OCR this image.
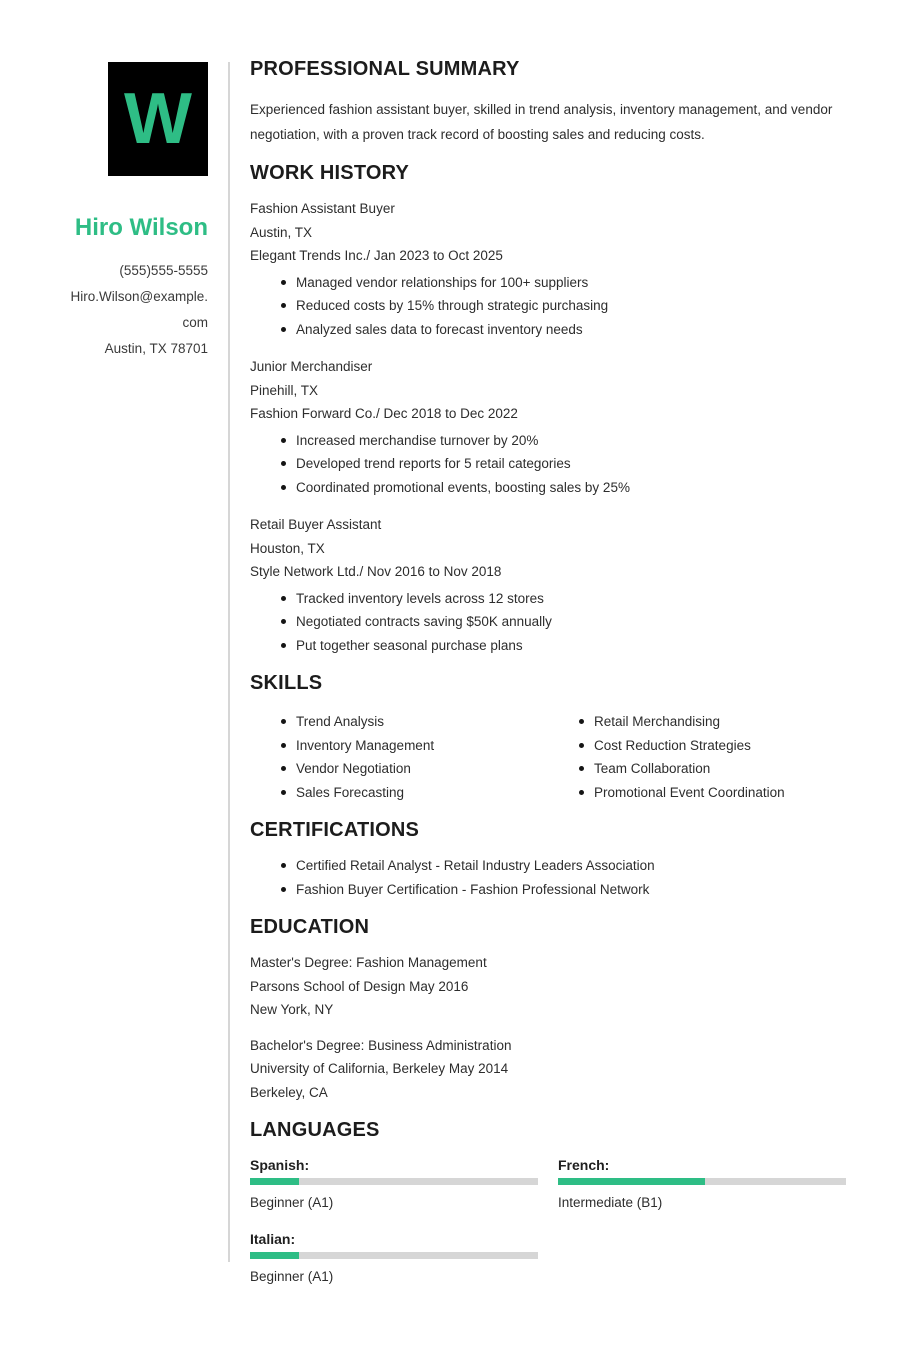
W
Hiro Wilson
(555)555-5555
Hiro.Wilson@example.com
Austin, TX 78701
PROFESSIONAL SUMMARY

Experienced fashion assistant buyer, skilled in trend analysis, inventory management, and vendor negotiation, with a proven track record of boosting sales and reducing costs.

WORK HISTORY
Fashion Assistant Buyer
Austin, TX
Elegant Trends Inc./ Jan 2023 to Oct 2025
Managed vendor relationships for 100+ suppliers
Reduced costs by 15% through strategic purchasing
Analyzed sales data to forecast inventory needs
Junior Merchandiser
Pinehill, TX
Fashion Forward Co./ Dec 2018 to Dec 2022
Increased merchandise turnover by 20%
Developed trend reports for 5 retail categories
Coordinated promotional events, boosting sales by 25%
Retail Buyer Assistant
Houston, TX
Style Network Ltd./ Nov 2016 to Nov 2018
Tracked inventory levels across 12 stores
Negotiated contracts saving $50K annually
Put together seasonal purchase plans
SKILLS
Trend Analysis
Inventory Management
Vendor Negotiation
Sales Forecasting
Retail Merchandising
Cost Reduction Strategies
Team Collaboration
Promotional Event Coordination
CERTIFICATIONS
Certified Retail Analyst - Retail Industry Leaders Association
Fashion Buyer Certification - Fashion Professional Network
EDUCATION
Master's Degree: Fashion Management
Parsons School of Design May 2016
New York, NY
Bachelor's Degree: Business Administration
University of California, Berkeley May 2014
Berkeley, CA
LANGUAGES
Spanish:
Beginner (A1)
French:
Intermediate (B1)
Italian:
Beginner (A1)
